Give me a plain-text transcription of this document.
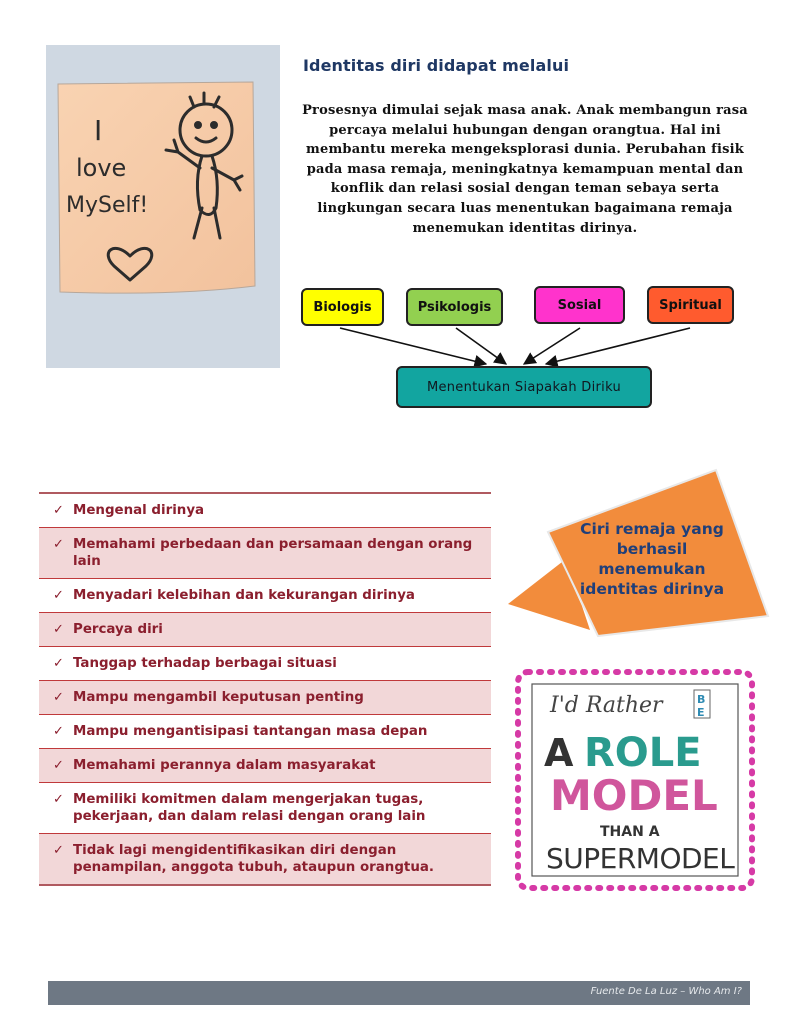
I
love
MySelf!
Identitas diri didapat melalui
Prosesnya dimulai sejak masa anak. Anak membangun rasa percaya melalui hubungan dengan orangtua. Hal ini membantu mereka mengeksplorasi dunia. Perubahan fisik pada masa remaja, meningkatnya kemampuan mental dan konflik dan relasi sosial dengan teman sebaya serta lingkungan secara luas menentukan bagaimana remaja menemukan identitas dirinya.
Biologis	Psikologis	Sosial	Spiritual
Menentukan Siapakah Diriku
✓ Mengenal dirinya
✓ Memahami perbedaan dan persamaan dengan orang lain
✓ Menyadari kelebihan dan kekurangan dirinya
✓ Percaya diri
✓ Tanggap terhadap berbagai situasi
✓ Mampu mengambil keputusan penting
✓ Mampu mengantisipasi tantangan masa depan
✓ Memahami perannya dalam masyarakat
✓ Memiliki komitmen dalam mengerjakan tugas, pekerjaan, dan dalam relasi dengan orang lain
✓ Tidak lagi mengidentifikasikan diri dengan penampilan, anggota tubuh, ataupun orangtua.
Ciri remaja yang berhasil menemukan identitas dirinya
I'd Rather	B
E
A ROLE
MODEL
THAN A
SUPERMODEL
Fuente De La Luz – Who Am I?
